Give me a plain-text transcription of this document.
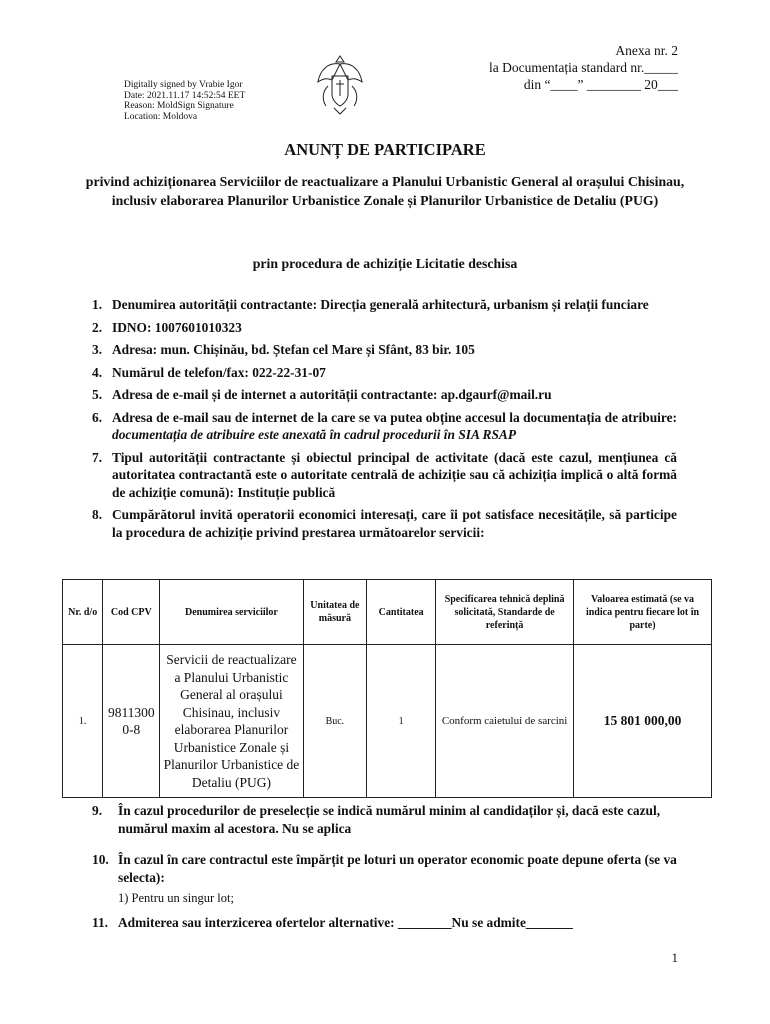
Digitally signed by Vrabie Igor
Date: 2021.11.17 14:52:54 EET
Reason: MoldSign Signature
Location: Moldova
Anexa nr. 2
la Documentația standard nr._____
din “____” ________ 20___
ANUNȚ DE PARTICIPARE
privind achiziționarea Serviciilor de reactualizare a Planului Urbanistic General al orașului Chisinau, inclusiv elaborarea Planurilor Urbanistice Zonale și Planurilor Urbanistice de Detaliu (PUG)
prin procedura de achiziție Licitatie deschisa
1. Denumirea autorității contractante: Direcția generală arhitectură, urbanism și relații funciare
2. IDNO: 1007601010323
3. Adresa: mun. Chișinău, bd. Ștefan cel Mare și Sfânt, 83 bir. 105
4. Numărul de telefon/fax: 022-22-31-07
5. Adresa de e-mail și de internet a autorității contractante: ap.dgaurf@mail.ru
6. Adresa de e-mail sau de internet de la care se va putea obține accesul la documentația de atribuire: documentația de atribuire este anexată în cadrul procedurii în SIA RSAP
7. Tipul autorității contractante și obiectul principal de activitate (dacă este cazul, mențiunea că autoritatea contractantă este o autoritate centrală de achiziție sau că achiziția implică o altă formă de achiziție comună): Instituție publică
8. Cumpărătorul invită operatorii economici interesați, care îi pot satisface necesitățile, să participe la procedura de achiziție privind prestarea următoarelor servicii:
Nr. d/o	Cod CPV	Denumirea serviciilor	Unitatea de măsură	Cantitatea	Specificarea tehnică deplină solicitată, Standarde de referință	Valoarea estimată (se va indica pentru fiecare lot în parte)
1.	9811300 0-8	Servicii de reactualizare a Planului Urbanistic General al orașului Chisinau, inclusiv elaborarea Planurilor Urbanistice Zonale și Planurilor Urbanistice de Detaliu (PUG)	Buc.	1	Conform caietului de sarcini	15 801 000,00
9.	În cazul procedurilor de preselecție se indică numărul minim al candidaților și, dacă este cazul, numărul maxim al acestora. Nu se aplica
10. În cazul în care contractul este împărțit pe loturi un operator economic poate depune oferta (se va selecta):
1) Pentru un singur lot;
11. Admiterea sau interzicerea ofertelor alternative: ________Nu se admite_______
1
